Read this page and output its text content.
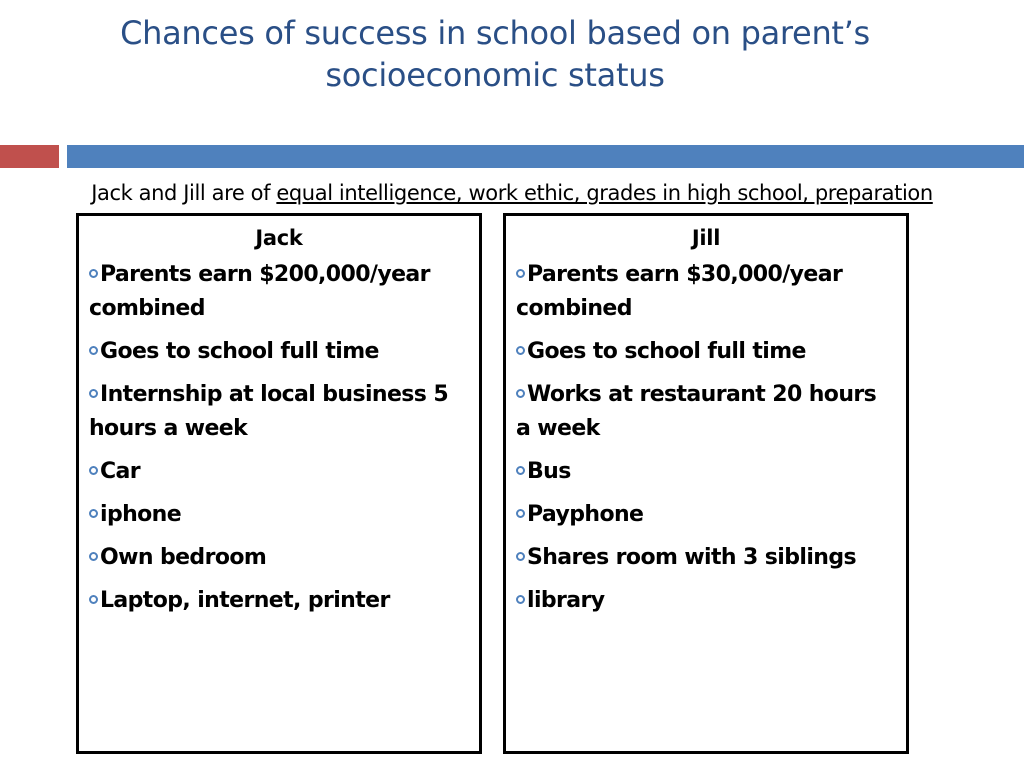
Chances of success in school based on parent’s socioeconomic status
Jack and Jill are of equal intelligence, work ethic, grades in high school, preparation
Jack
Parents earn $200,000/year combined
Goes to school full time
Internship at local business 5 hours a week
Car
iphone
Own bedroom
Laptop, internet, printer
Jill
Parents earn $30,000/year combined
Goes to school full time
Works at restaurant 20 hours a week
Bus
Payphone
Shares room with 3 siblings
library
